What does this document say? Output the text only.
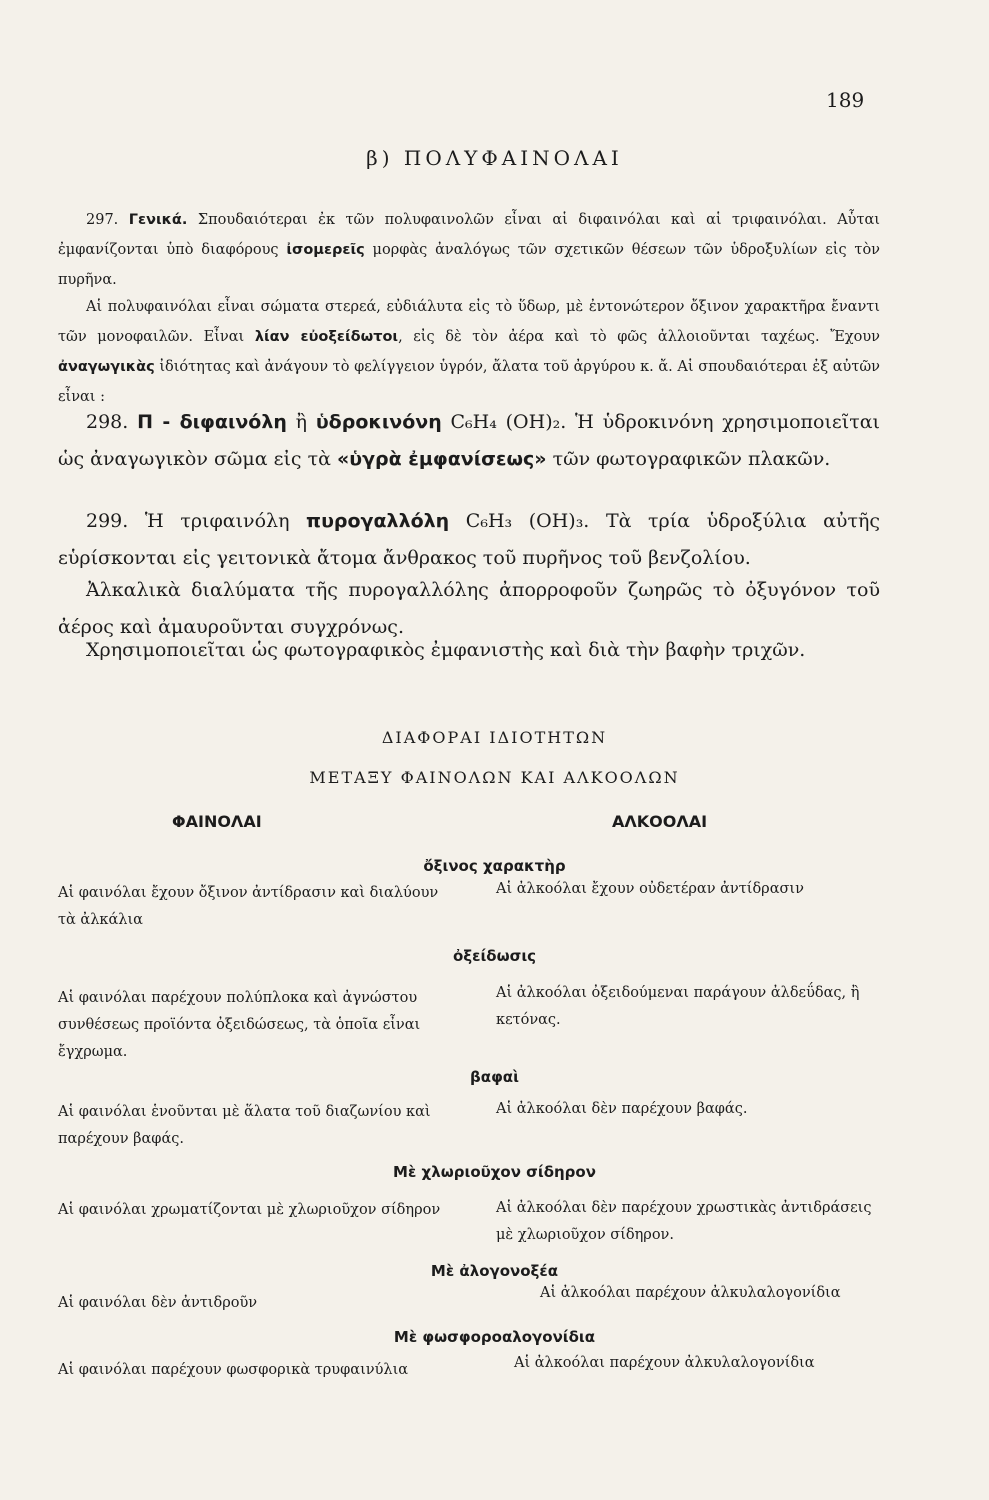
189
β) ΠΟΛΥΦΑΙΝΟΛΑΙ

297. Γενικά. Σπουδαιότεραι ἐκ τῶν πολυφαινολῶν εἶναι αἱ διφαινόλαι καὶ αἱ τριφαινόλαι. Αὗται ἐμφανίζονται ὑπὸ διαφόρους ἰσομερεῖς μορφὰς ἀναλόγως τῶν σχετικῶν θέσεων τῶν ὑδροξυλίων εἰς τὸν πυρῆνα.

Αἱ πολυφαινόλαι εἶναι σώματα στερεά, εὐδιάλυτα εἰς τὸ ὕδωρ, μὲ ἐντονώτερον ὄξινον χαρακτῆρα ἔναντι τῶν μονοφαιλῶν. Εἶναι λίαν εὐοξείδωτοι, εἰς δὲ τὸν ἀέρα καὶ τὸ φῶς ἀλλοιοῦνται ταχέως. Ἔχουν ἀναγωγικὰς ἰδιότητας καὶ ἀνάγουν τὸ φελίγγειον ὑγρόν, ἄλατα τοῦ ἀργύρου κ. ἄ. Αἱ σπουδαιότεραι ἐξ αὐτῶν εἶναι :

298. Π - διφαινόλη ἢ ὑδροκινόνη C₆H₄ (OH)₂. Ἡ ὑδροκινόνη χρησιμοποιεῖται ὡς ἀναγωγικὸν σῶμα εἰς τὰ «ὑγρὰ ἐμφανίσεως» τῶν φωτογραφικῶν πλακῶν.

299. Ἡ τριφαινόλη πυρογαλλόλη C₆H₃ (OH)₃. Τὰ τρία ὑδροξύλια αὐτῆς εὑρίσκονται εἰς γειτονικὰ ἄτομα ἄνθρακος τοῦ πυρῆνος τοῦ βενζολίου.

Ἀλκαλικὰ διαλύματα τῆς πυρογαλλόλης ἀπορροφοῦν ζωηρῶς τὸ ὀξυγόνον τοῦ ἀέρος καὶ ἀμαυροῦνται συγχρόνως.

Χρησιμοποιεῖται ὡς φωτογραφικὸς ἐμφανιστὴς καὶ διὰ τὴν βαφὴν τριχῶν.

ΔΙΑΦΟΡΑΙ ΙΔΙΟΤΗΤΩΝ
ΜΕΤΑΞΥ ΦΑΙΝΟΛΩΝ ΚΑΙ ΑΛΚΟΟΛΩΝ
ΦΑΙΝΟΛΑΙ	ΑΛΚΟΟΛΑΙ
ὄξινος χαρακτὴρ
Αἱ φαινόλαι ἔχουν ὄξινον ἀντίδρασιν καὶ διαλύουν τὰ ἀλκάλια
Αἱ ἀλκοόλαι ἔχουν οὐδετέραν ἀντίδρασιν
ὀξείδωσις
Αἱ φαινόλαι παρέχουν πολύπλοκα καὶ ἀγνώστου συνθέσεως προϊόντα ὀξειδώσεως, τὰ ὁποῖα εἶναι ἔγχρωμα.
Αἱ ἀλκοόλαι ὀξειδούμεναι παράγουν ἀλδεΰδας, ἢ κετόνας.
βαφαὶ
Αἱ φαινόλαι ἑνοῦνται μὲ ἅλατα τοῦ διαζωνίου καὶ παρέχουν βαφάς.
Αἱ ἀλκοόλαι δὲν παρέχουν βαφάς.
Μὲ χλωριοῦχον σίδηρον
Αἱ φαινόλαι χρωματίζονται μὲ χλωριοῦχον σίδηρον	Αἱ ἀλκοόλαι δὲν παρέχουν χρωστικὰς ἀντιδράσεις μὲ χλωριοῦχον σίδηρον.
Μὲ ἀλογονοξέα
Αἱ φαινόλαι δὲν ἀντιδροῦν
Αἱ ἀλκοόλαι παρέχουν ἀλκυλαλογονίδια
Μὲ φωσφοροαλογονίδια
Αἱ φαινόλαι παρέχουν φωσφορικὰ τρυφαινύλια	Αἱ ἀλκοόλαι παρέχουν ἀλκυλαλογονίδια
